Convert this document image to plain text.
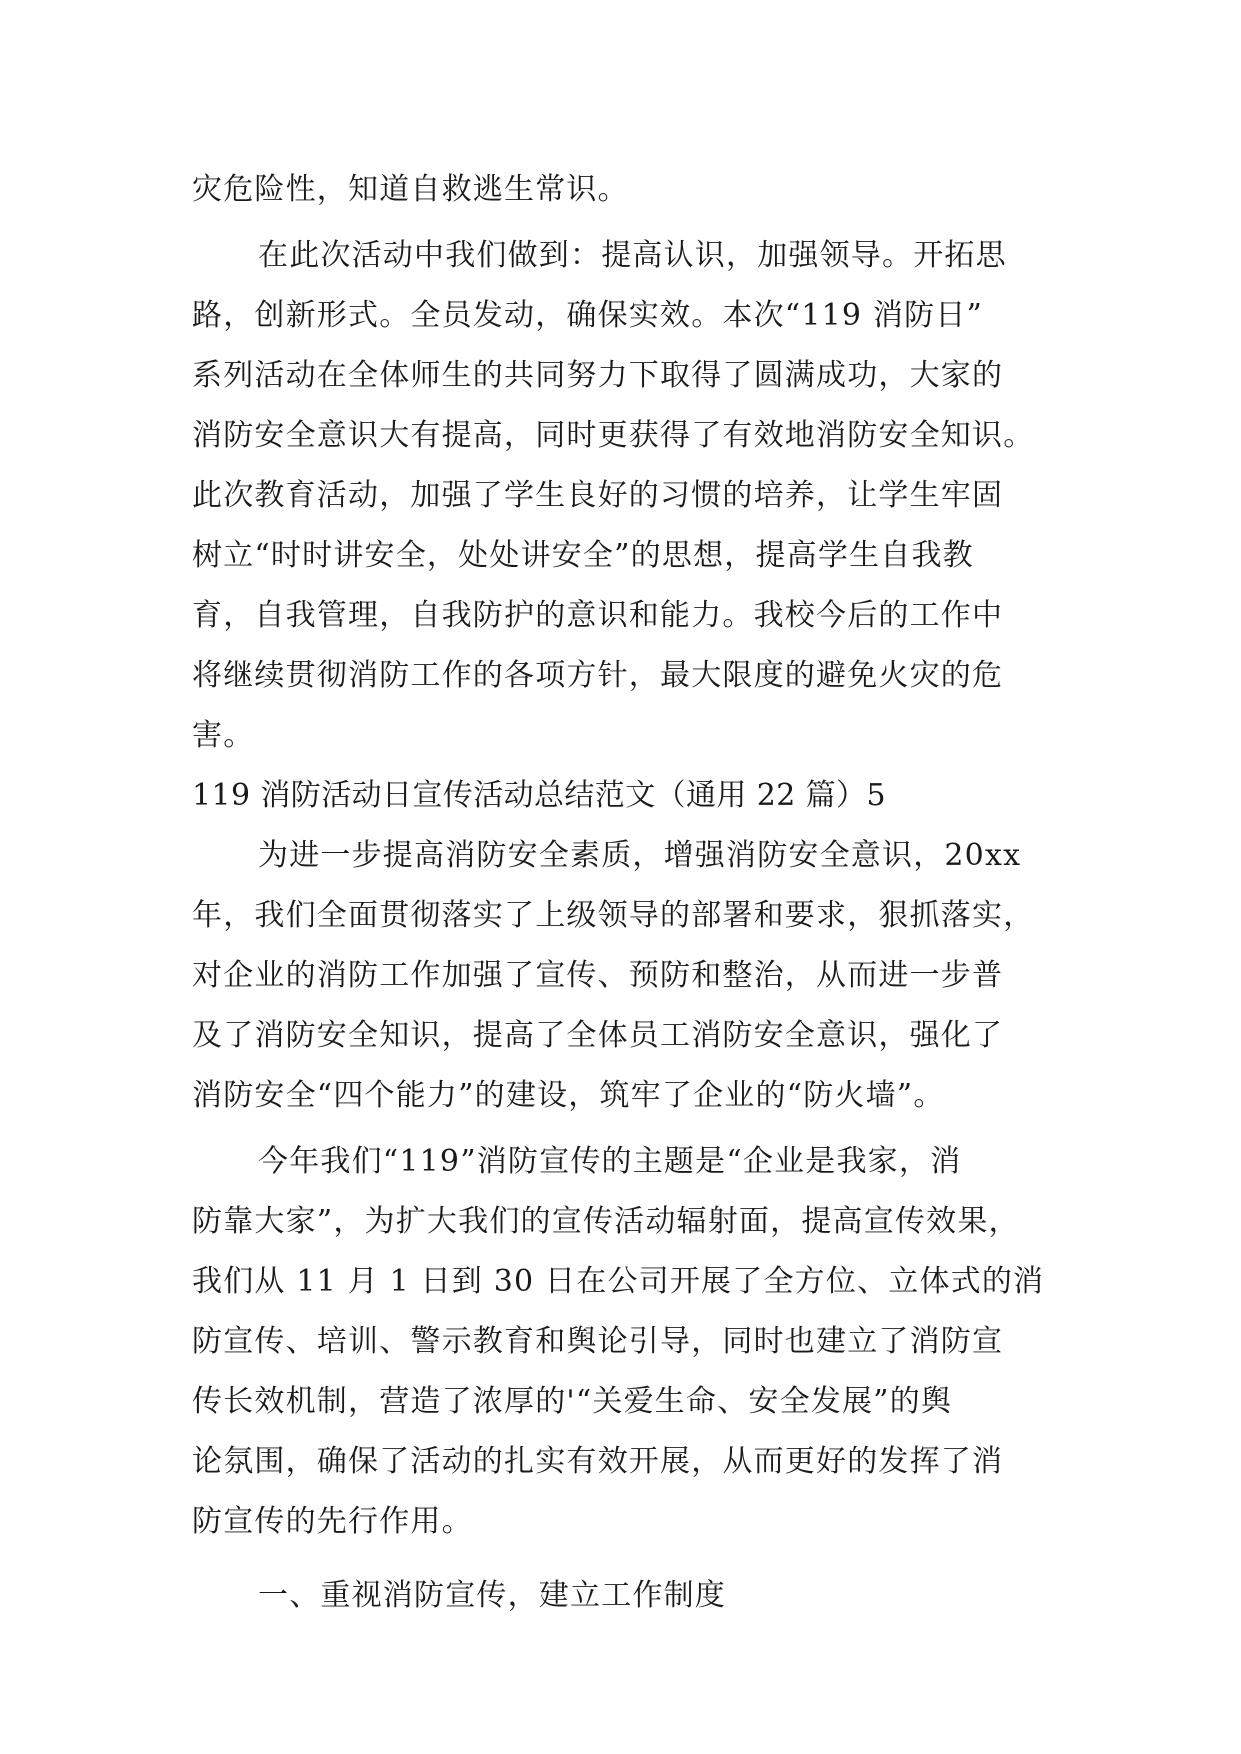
灾危险性，知道自救逃生常识。
在此次活动中我们做到：提高认识，加强领导。开拓思
路，创新形式。全员发动，确保实效。本次“119 消防日”
系列活动在全体师生的共同努力下取得了圆满成功，大家的
消防安全意识大有提高，同时更获得了有效地消防安全知识。
此次教育活动，加强了学生良好的习惯的培养，让学生牢固
树立“时时讲安全，处处讲安全”的思想，提高学生自我教
育，自我管理，自我防护的意识和能力。我校今后的工作中
将继续贯彻消防工作的各项方针，最大限度的避免火灾的危
害。
119 消防活动日宣传活动总结范文（通用 22 篇）5
为进一步提高消防安全素质，增强消防安全意识，20xx
年，我们全面贯彻落实了上级领导的部署和要求，狠抓落实，
对企业的消防工作加强了宣传、预防和整治，从而进一步普
及了消防安全知识，提高了全体员工消防安全意识，强化了
消防安全“四个能力”的建设，筑牢了企业的“防火墙”。
今年我们“119”消防宣传的主题是“企业是我家，消
防靠大家”，为扩大我们的宣传活动辐射面，提高宣传效果，
我们从 11 月 1 日到 30 日在公司开展了全方位、立体式的消
防宣传、培训、警示教育和舆论引导，同时也建立了消防宣
传长效机制，营造了浓厚的'“关爱生命、安全发展”的舆
论氛围，确保了活动的扎实有效开展，从而更好的发挥了消
防宣传的先行作用。
一、重视消防宣传，建立工作制度
